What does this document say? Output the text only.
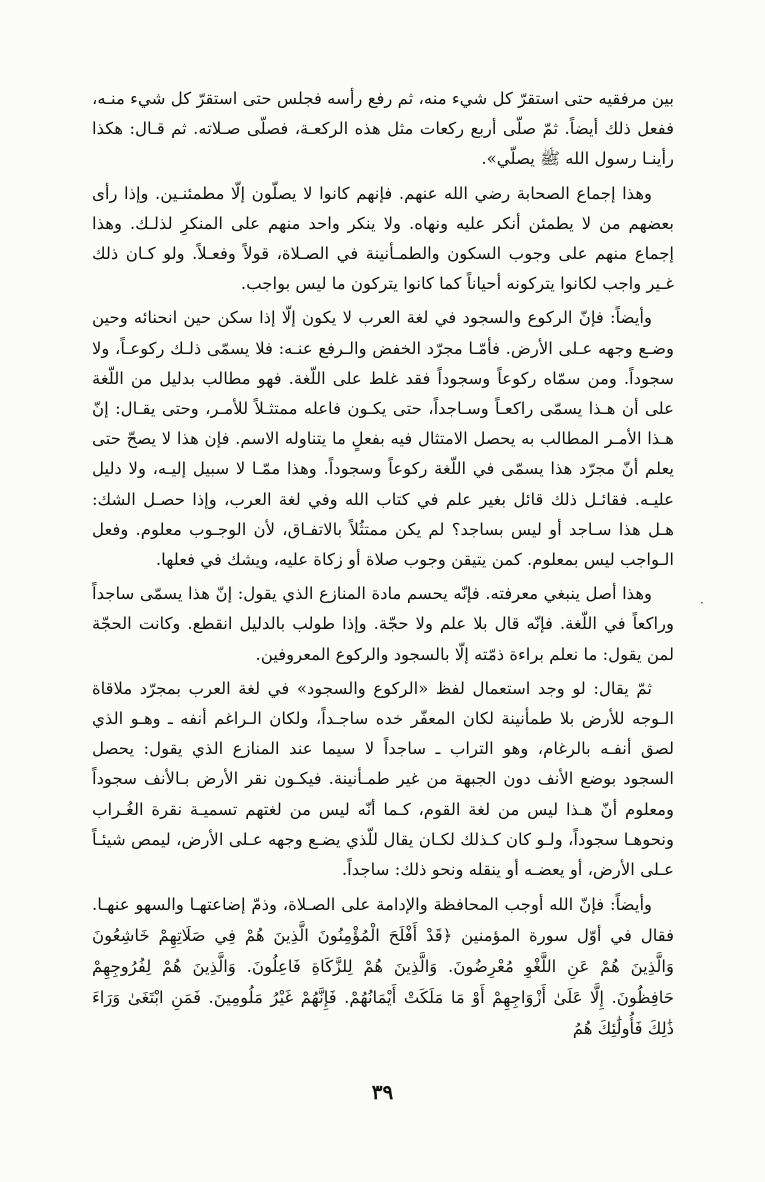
بين مرفقيه حتى استقرّ كل شيء منه، ثم رفع رأسه فجلس حتى استقرّ كل شيء منـه، ففعل ذلك أيضاً. ثمّ صلّى أربع ركعات مثل هذه الركعـة، فصلّى صـلاته. ثم قـال: هكذا رأينـا رسول الله ﷺ يصلّي».

وهذا إجماع الصحابة رضي الله عنهم. فإنهم كانوا لا يصلّون إلّا مطمئنـين. وإذا رأى بعضهم من لا يطمئن أنكر عليه ونهاه. ولا ينكر واحد منهم على المنكرِ لذلـك. وهذا إجماع منهم على وجوب السكون والطمـأنينة في الصـلاة، قولاً وفعـلاً. ولو كـان ذلك غـير واجب لكانوا يتركونه أحياناً كما كانوا يتركون ما ليس بواجب.

وأيضاً: فإنّ الركوع والسجود في لغة العرب لا يكون إلّا إذا سكن حين انحنائه وحين وضـع وجهه عـلى الأرض. فأمّـا مجرّد الخفض والـرفع عنـه: فلا يسمّى ذلـك ركوعـاً، ولا سجوداً. ومن سمّاه ركوعاً وسجوداً فقد غلط على اللّغة. فهو مطالب بدليل من اللّغة على أن هـذا يسمّى راكعـاً وسـاجداً، حتى يكـون فاعله ممتثـلاً للأمـر، وحتى يقـال: إنّ هـذا الأمـر المطالب به يحصل الامتثال فيه بفعلٍ ما يتناوله الاسم. فإن هذا لا يصحّ حتى يعلم أنّ مجرّد هذا يسمّى في اللّغة ركوعاً وسجوداً. وهذا ممّـا لا سبيل إليـه، ولا دليل عليـه. فقائـل ذلك قائل بغير علم في كتاب الله وفي لغة العرب، وإذا حصـل الشك: هـل هذا سـاجد أو ليس بساجد؟ لم يكن ممتثُلاً بالاتفـاق، لأن الوجـوب معلوم. وفعل الـواجب ليس بمعلوم. كمن يتيقن وجوب صلاة أو زكاة عليه، ويشك في فعلها.

وهذا أصل ينبغي معرفته. فإنّه يحسم مادة المنازع الذي يقول: إنّ هذا يسمّى ساجداً وراكعاً في اللّغة. فإنّه قال بلا علم ولا حجّة. وإذا طولب بالدليل انقطع. وكانت الحجّة لمن يقول: ما نعلم براءة ذمّته إلّا بالسجود والركوع المعروفين.

ثمّ يقال: لو وجد استعمال لفظ «الركوع والسجود» في لغة العرب بمجرّد ملاقاة الـوجه للأرض بلا طمأنينة لكان المعفّر خده ساجـداً، ولكان الـراغم أنفه ـ وهـو الذي لصق أنفـه بالرغام، وهو التراب ـ ساجداً لا سيما عند المنازع الذي يقول: يحصل السجود بوضع الأنف دون الجبهة من غير طمـأنينة. فيكـون نقر الأرض بـالأنف سجوداً ومعلوم أنّ هـذا ليس من لغة القوم، كـما أنّه ليس من لغتهم تسميـة نقرة الغُـراب ونحوهـا سجوداً، ولـو كان كـذلك لكـان يقال للّذي يضـع وجهه عـلى الأرض، ليمص شيئـاً عـلى الأرض، أو يعضـه أو ينقله ونحو ذلك: ساجداً.

وأيضاً: فإنّ الله أوجب المحافظة والإدامة على الصـلاة، وذمّ إضاعتهـا والسهو عنهـا. فقال في أوّل سورة المؤمنين ﴿قَدْ أَفْلَحَ الْمُؤْمِنُونَ الَّذِينَ هُمْ فِي صَلَاتِهِمْ خَاشِعُونَ وَالَّذِينَ هُمْ عَنِ اللَّغْوِ مُعْرِضُونَ. وَالَّذِينَ هُمْ لِلزَّكَاةِ فَاعِلُونَ. وَالَّذِينَ هُمْ لِفُرُوجِهِمْ حَافِظُونَ. إِلَّا عَلَىٰ أَزْوَاجِهِمْ أَوْ مَا مَلَكَتْ أَيْمَانُهُمْ. فَإِنَّهُمْ غَيْرُ مَلُومِينَ. فَمَنِ ابْتَغَىٰ وَرَاءَ ذَٰلِكَ فَأُولَٰئِكَ هُمُ

·
٣٩
